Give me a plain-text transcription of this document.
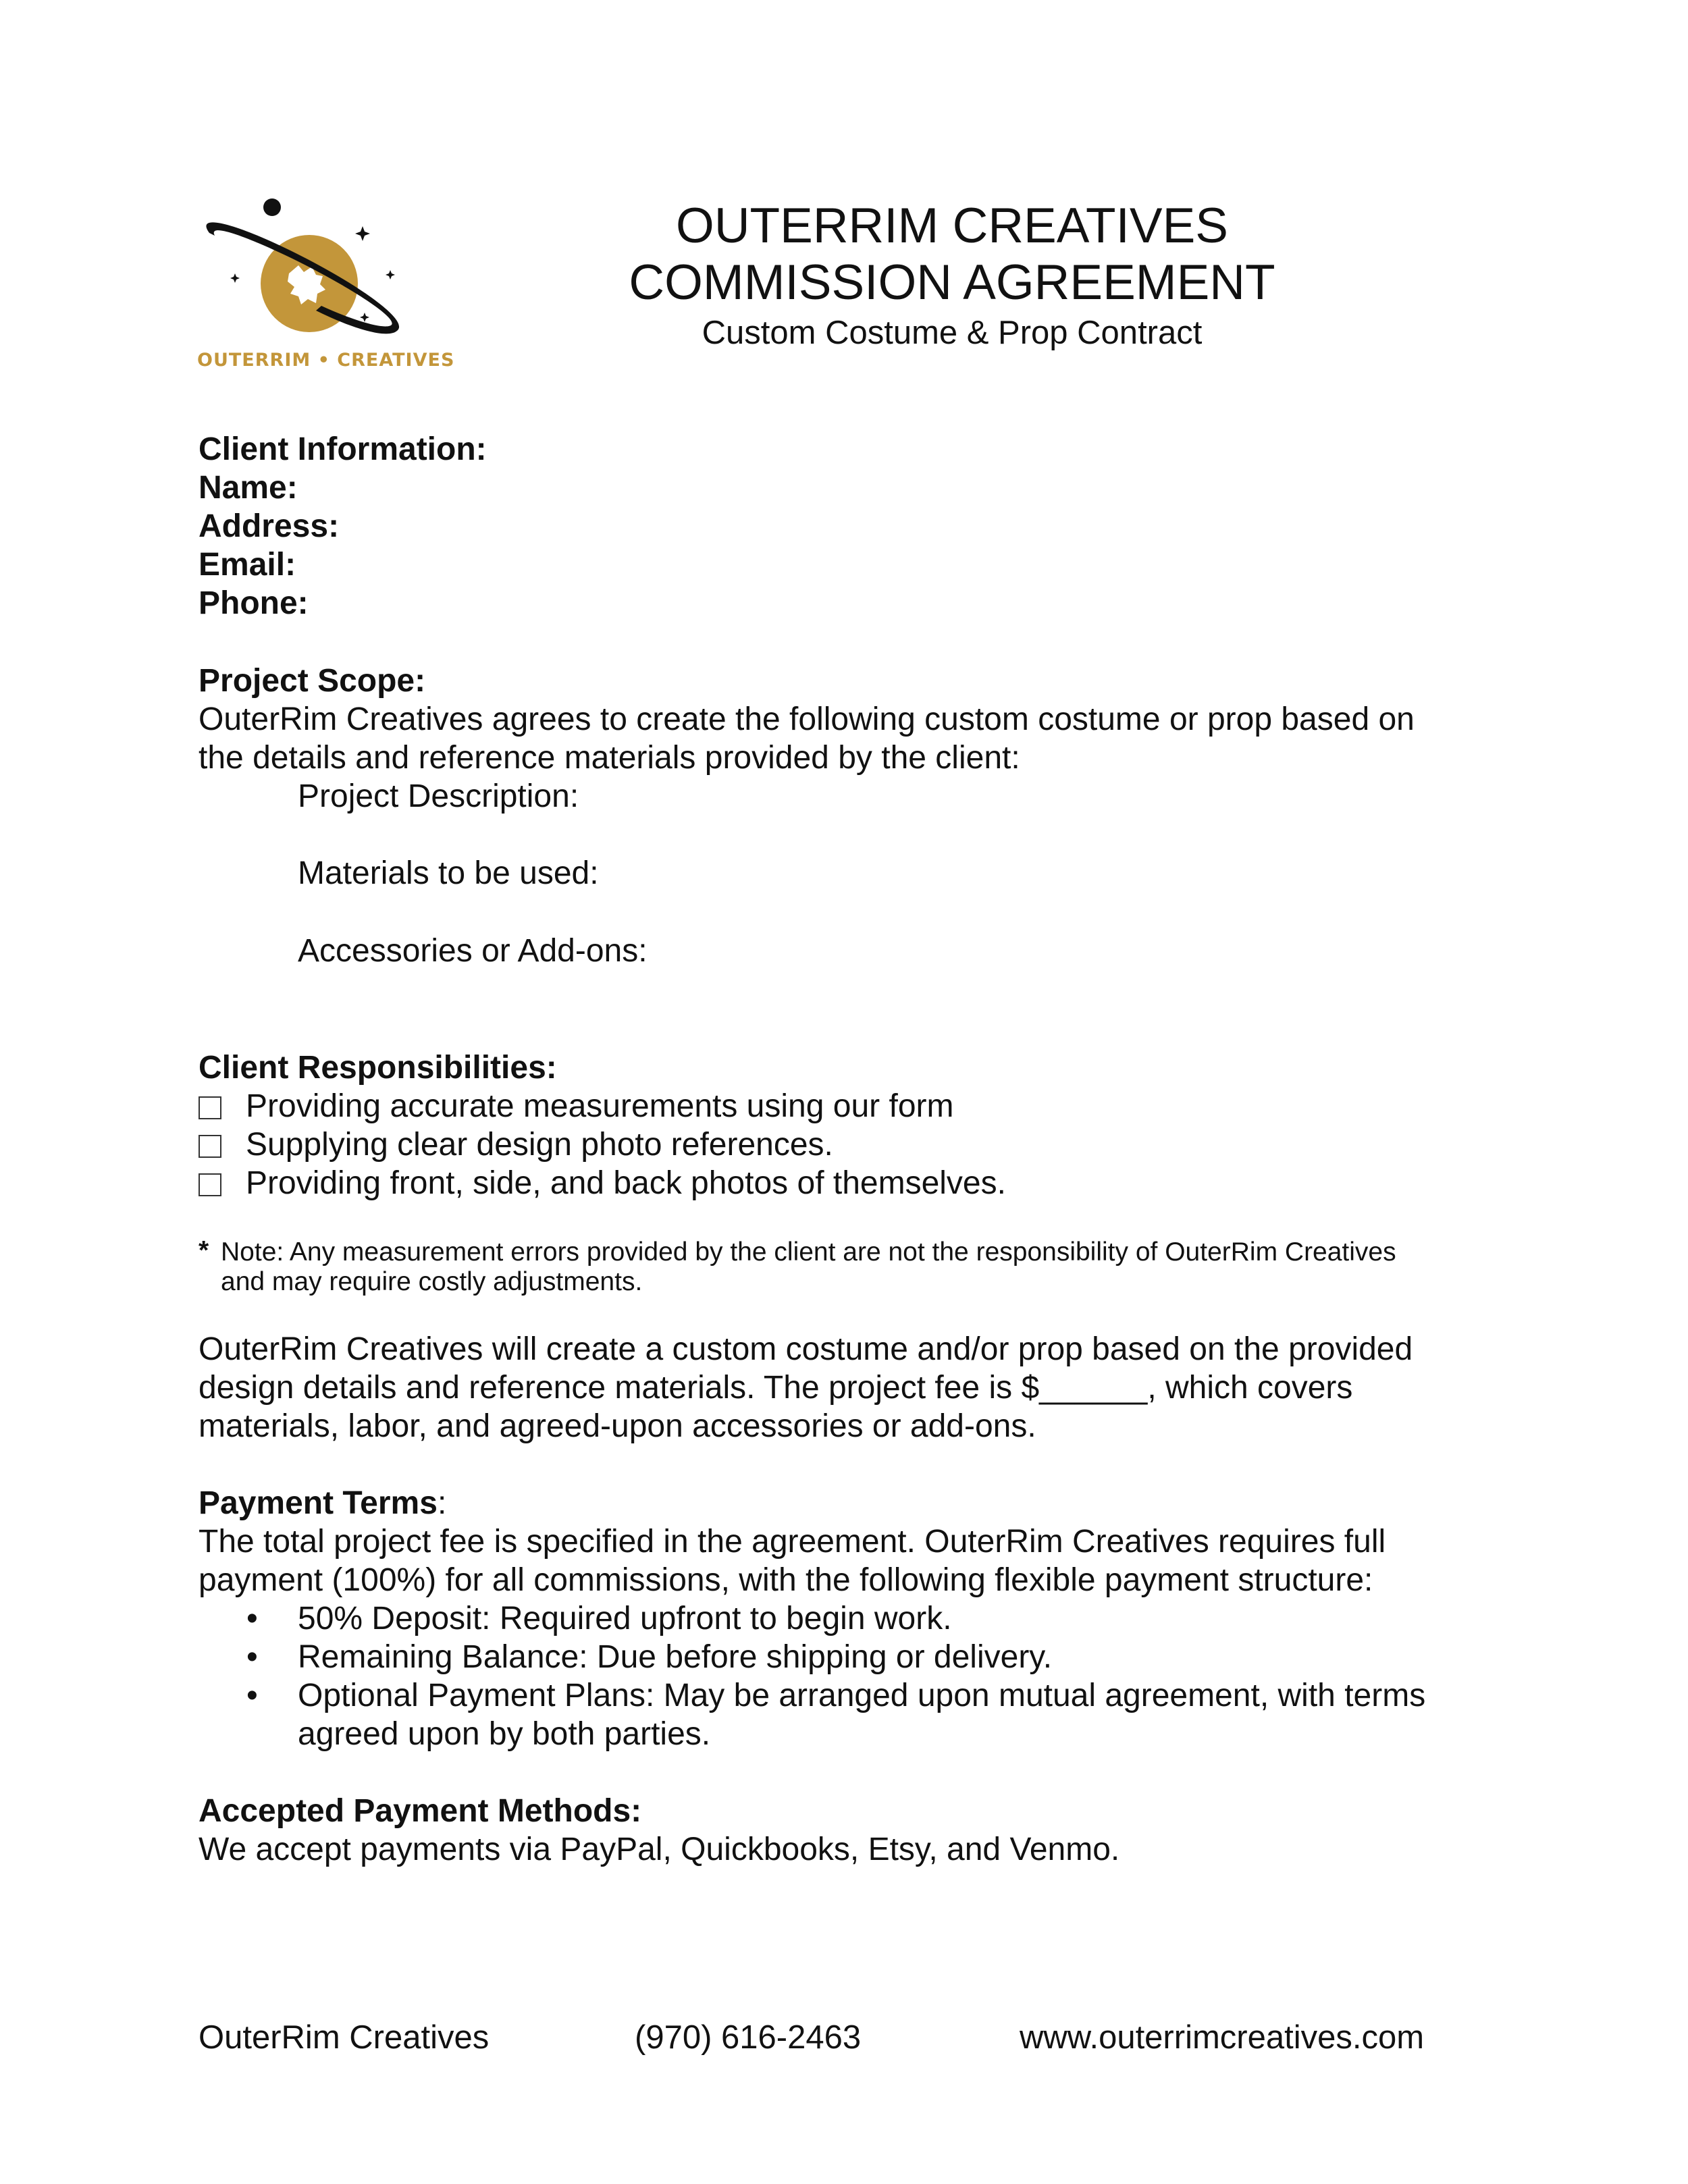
OUTERRIM • CREATIVES
OUTERRIM CREATIVES
COMMISSION AGREEMENT
Custom Costume & Prop Contract
Client Information:
Name:
Address:
Email:
Phone:
Project Scope:
OuterRim Creatives agrees to create the following custom costume or prop based on
the details and reference materials provided by the client:
Project Description:
Materials to be used:
Accessories or Add-ons:
Client Responsibilities:
Providing accurate measurements using our form
Supplying clear design photo references.
Providing front, side, and back photos of themselves.
* Note: Any measurement errors provided by the client are not the responsibility of OuterRim Creatives
and may require costly adjustments.
OuterRim Creatives will create a custom costume and/or prop based on the provided
design details and reference materials. The project fee is $______, which covers
materials, labor, and agreed-upon accessories or add-ons.
Payment Terms:
The total project fee is specified in the agreement. OuterRim Creatives requires full
payment (100%) for all commissions, with the following flexible payment structure:
• 50% Deposit: Required upfront to begin work.
• Remaining Balance: Due before shipping or delivery.
• Optional Payment Plans: May be arranged upon mutual agreement, with terms
agreed upon by both parties.
Accepted Payment Methods:
We accept payments via PayPal, Quickbooks, Etsy, and Venmo.
OuterRim Creatives	(970) 616-2463	www.outerrimcreatives.com
